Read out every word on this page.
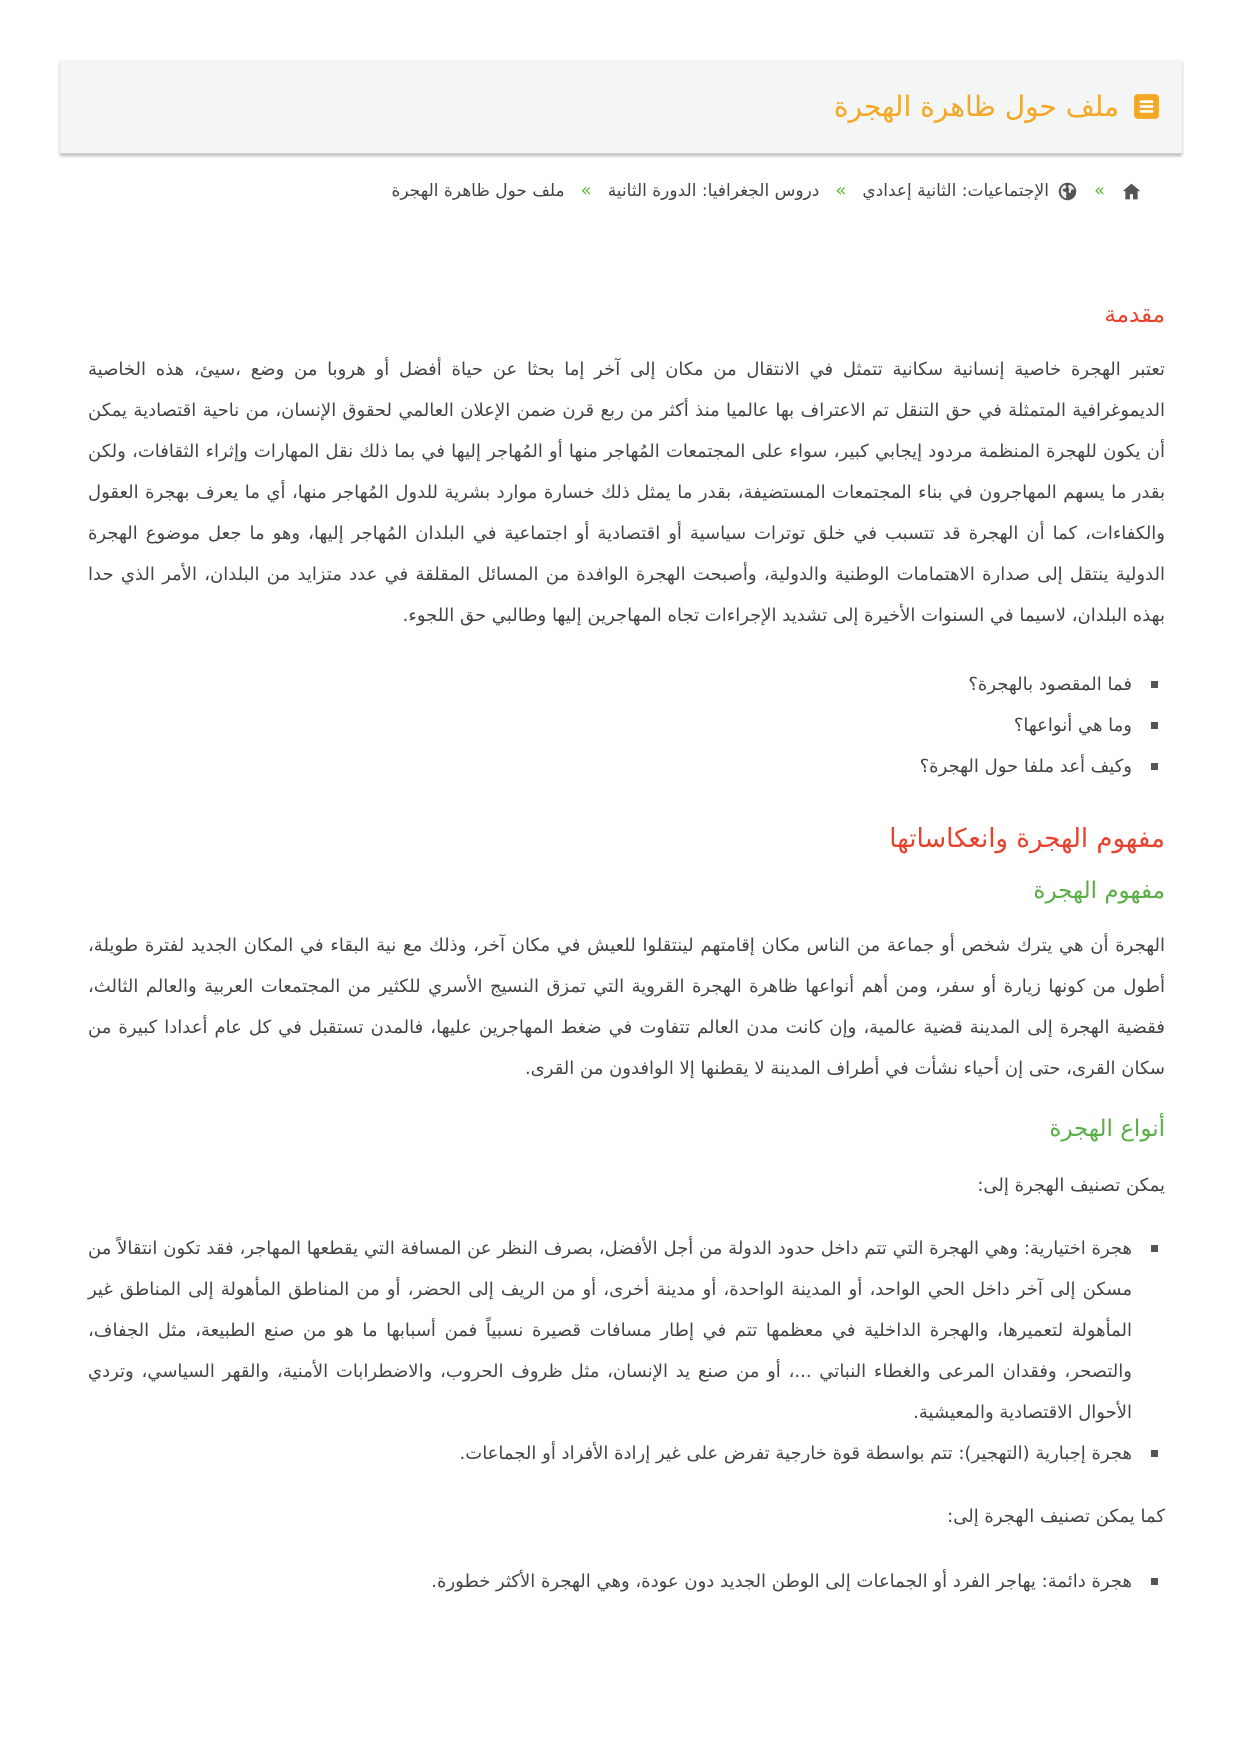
ملف حول ظاهرة الهجرة
»
الإجتماعيات: الثانية إعدادي
»
دروس الجغرافيا: الدورة الثانية
»
ملف حول ظاهرة الهجرة
مقدمة

تعتبر الهجرة خاصية إنسانية سكانية تتمثل في الانتقال من مكان إلى آخر إما بحثا عن حياة أفضل أو هروبا من وضع ،سيئ، هذه الخاصية الديموغرافية المتمثلة في حق التنقل تم الاعتراف بها عالميا منذ أكثر من ربع قرن ضمن الإعلان العالمي لحقوق الإنسان، من ناحية اقتصادية يمكن أن يكون للهجرة المنظمة مردود إيجابي كبير، سواء على المجتمعات المُهاجر منها أو المُهاجر إليها في بما ذلك نقل المهارات وإثراء الثقافات، ولكن بقدر ما يسهم المهاجرون في بناء المجتمعات المستضيفة، بقدر ما يمثل ذلك خسارة موارد بشرية للدول المُهاجر منها، أي ما يعرف بهجرة العقول والكفاءات، كما أن الهجرة قد تتسبب في خلق توترات سياسية أو اقتصادية أو اجتماعية في البلدان المُهاجر إليها، وهو ما جعل موضوع الهجرة الدولية ينتقل إلى صدارة الاهتمامات الوطنية والدولية، وأصبحت الهجرة الوافدة من المسائل المقلقة في عدد متزايد من البلدان، الأمر الذي حدا بهذه البلدان، لاسيما في السنوات الأخيرة إلى تشديد الإجراءات تجاه المهاجرين إليها وطالبي حق اللجوء.

فما المقصود بالهجرة؟
وما هي أنواعها؟
وكيف أعد ملفا حول الهجرة؟
مفهوم الهجرة وانعكاساتها
مفهوم الهجرة

الهجرة أن هي يترك شخص أو جماعة من الناس مكان إقامتهم لينتقلوا للعيش في مكان آخر، وذلك مع نية البقاء في المكان الجديد لفترة طويلة، أطول من كونها زيارة أو سفر، ومن أهم أنواعها ظاهرة الهجرة القروية التي تمزق النسيج الأسري للكثير من المجتمعات العربية والعالم الثالث، فقضية الهجرة إلى المدينة قضية عالمية، وإن كانت مدن العالم تتفاوت في ضغط المهاجرين عليها، فالمدن تستقبل في كل عام أعدادا كبيرة من سكان القرى، حتى إن أحياء نشأت في أطراف المدينة لا يقطنها إلا الوافدون من القرى.

أنواع الهجرة

يمكن تصنيف الهجرة إلى:

هجرة اختيارية: وهي الهجرة التي تتم داخل حدود الدولة من أجل الأفضل، بصرف النظر عن المسافة التي يقطعها المهاجر، فقد تكون انتقالاً من مسكن إلى آخر داخل الحي الواحد، أو المدينة الواحدة، أو مدينة أخرى، أو من الريف إلى الحضر، أو من المناطق المأهولة إلى المناطق غير المأهولة لتعميرها، والهجرة الداخلية في معظمها تتم في إطار مسافات قصيرة نسبياً فمن أسبابها ما هو من صنع الطبيعة، مثل الجفاف، والتصحر، وفقدان المرعى والغطاء النباتي ...، أو من صنع يد الإنسان، مثل ظروف الحروب، والاضطرابات الأمنية، والقهر السياسي، وتردي الأحوال الاقتصادية والمعيشية.
هجرة إجبارية (التهجير): تتم بواسطة قوة خارجية تفرض على غير إرادة الأفراد أو الجماعات.

كما يمكن تصنيف الهجرة إلى:

هجرة دائمة: يهاجر الفرد أو الجماعات إلى الوطن الجديد دون عودة، وهي الهجرة الأكثر خطورة.
